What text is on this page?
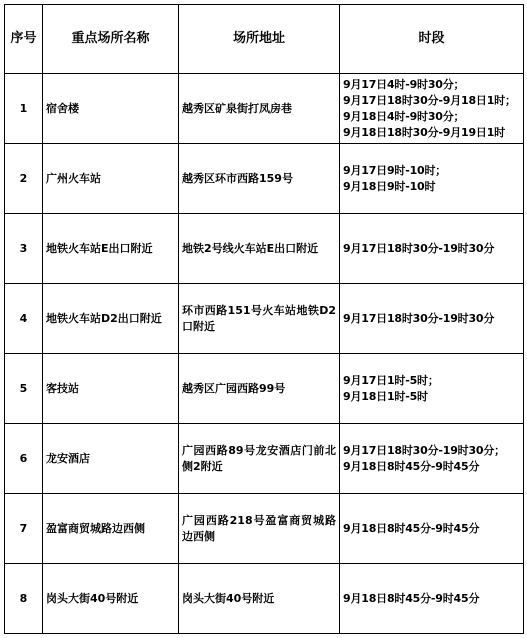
序号	重点场所名称	场所地址	时段
1	宿舍楼	越秀区矿泉街打凤房巷	9月17日4时-9时30分；
9月17日18时30分-9月18日1时；
9月18日4时-9时30分；
9月18日18时30分-9月19日1时

2	广州火车站	越秀区环市西路159号	9月17日9时-10时；
9月18日9时-10时

3	地铁火车站E出口附近	地铁2号线火车站E出口附近	9月17日18时30分-19时30分

4	地铁火车站D2出口附近	环市西路151号火车站地铁D2口附近	9月17日18时30分-19时30分

5	客技站	越秀区广园西路99号	9月17日1时-5时；
9月18日1时-5时

6	龙安酒店	广园西路89号龙安酒店门前北侧2附近	9月17日18时30分-19时30分；
9月18日8时45分-9时45分

7	盈富商贸城路边西侧	广园西路218号盈富商贸城路边西侧	9月18日8时45分-9时45分

8	岗头大街40号附近	岗头大街40号附近	9月18日8时45分-9时45分
